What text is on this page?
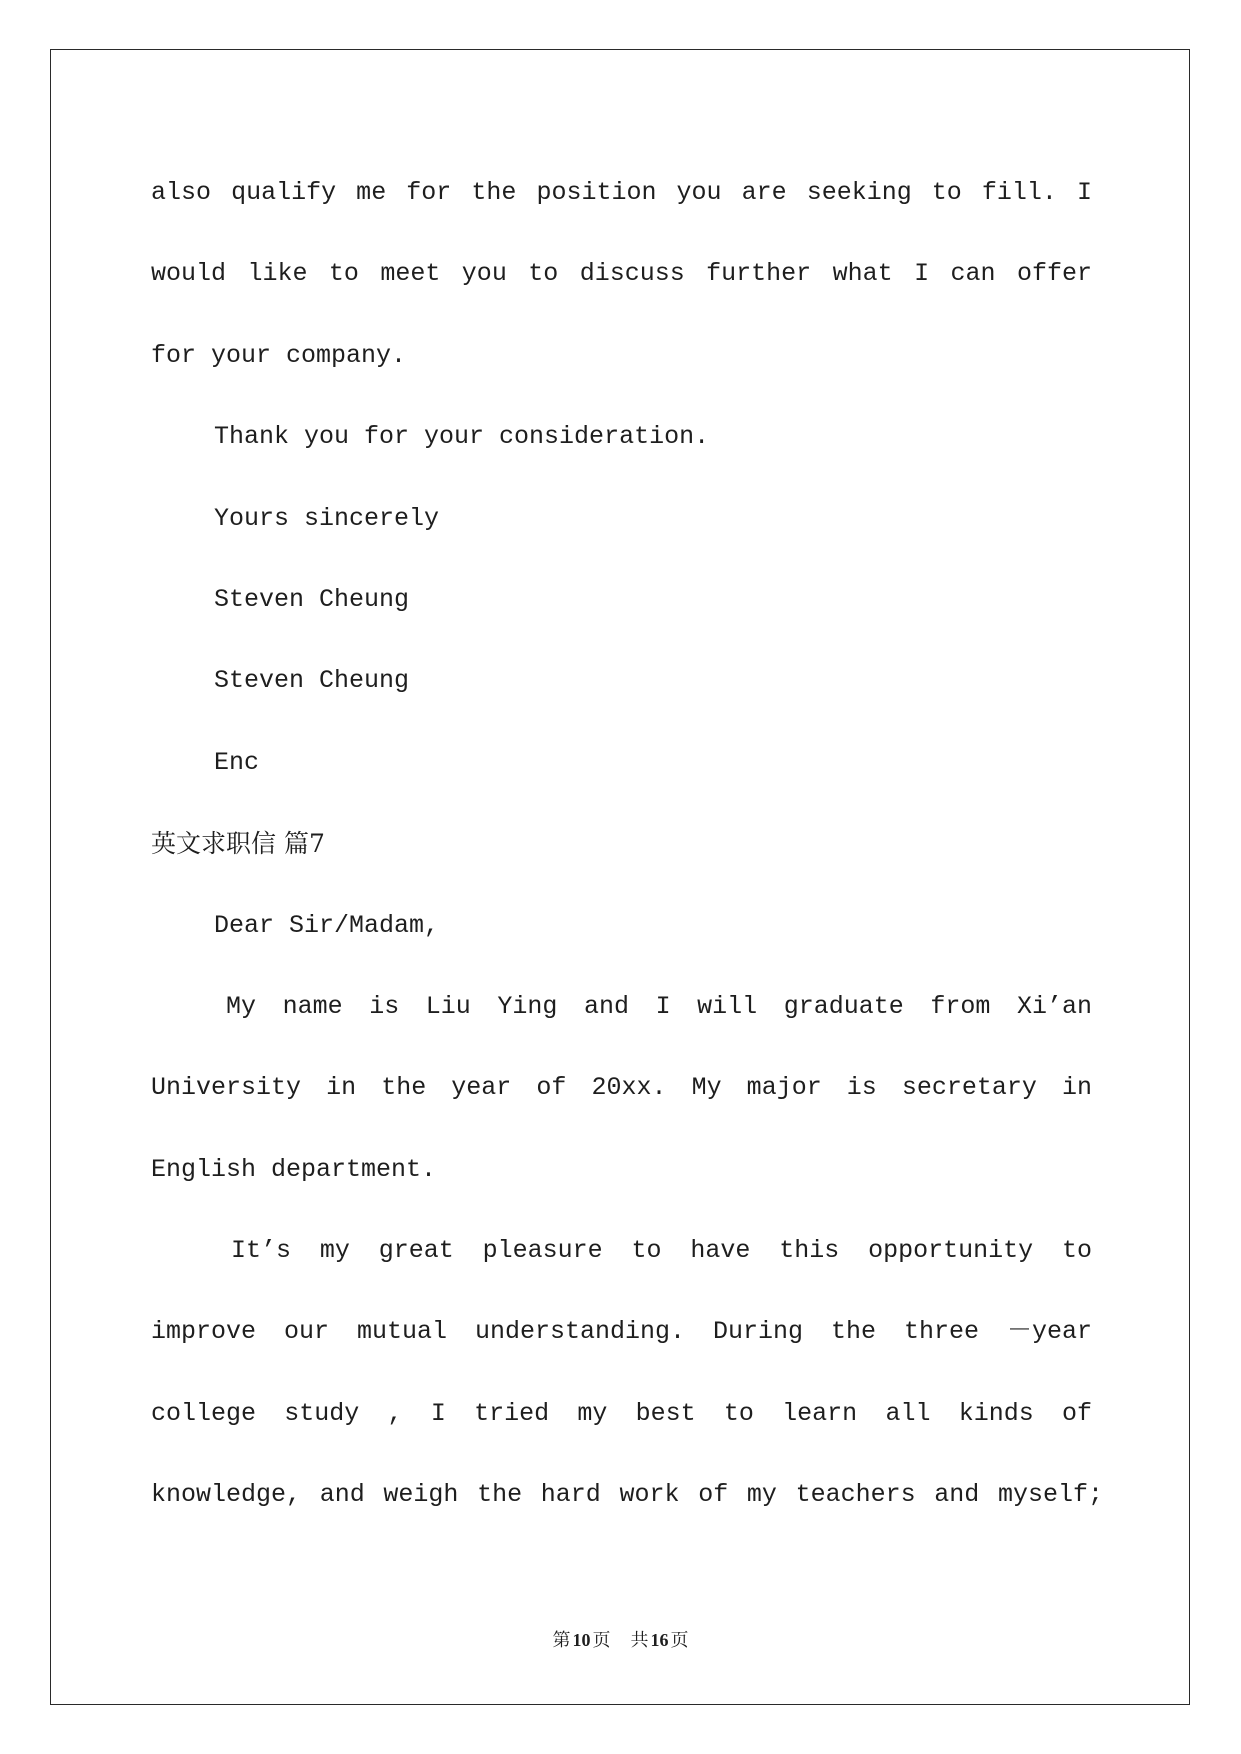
also qualify me for the position you are seeking to fill. I
would like to meet you to discuss further what I can offer
for your company.
Thank you for your consideration.
Yours sincerely
Steven Cheung
Steven Cheung
Enc
英文求职信 篇7
Dear Sir/Madam,
My name is Liu Ying and I will graduate from Xi’an
University in the year of 20xx. My major is secretary in
English department.
It’s my great pleasure to have this opportunity to
improve our mutual understanding. During the three －year
college study , I tried my best to learn all kinds of
knowledge, and weigh the hard work of my teachers and myself;
第 10 页 共 16 页
